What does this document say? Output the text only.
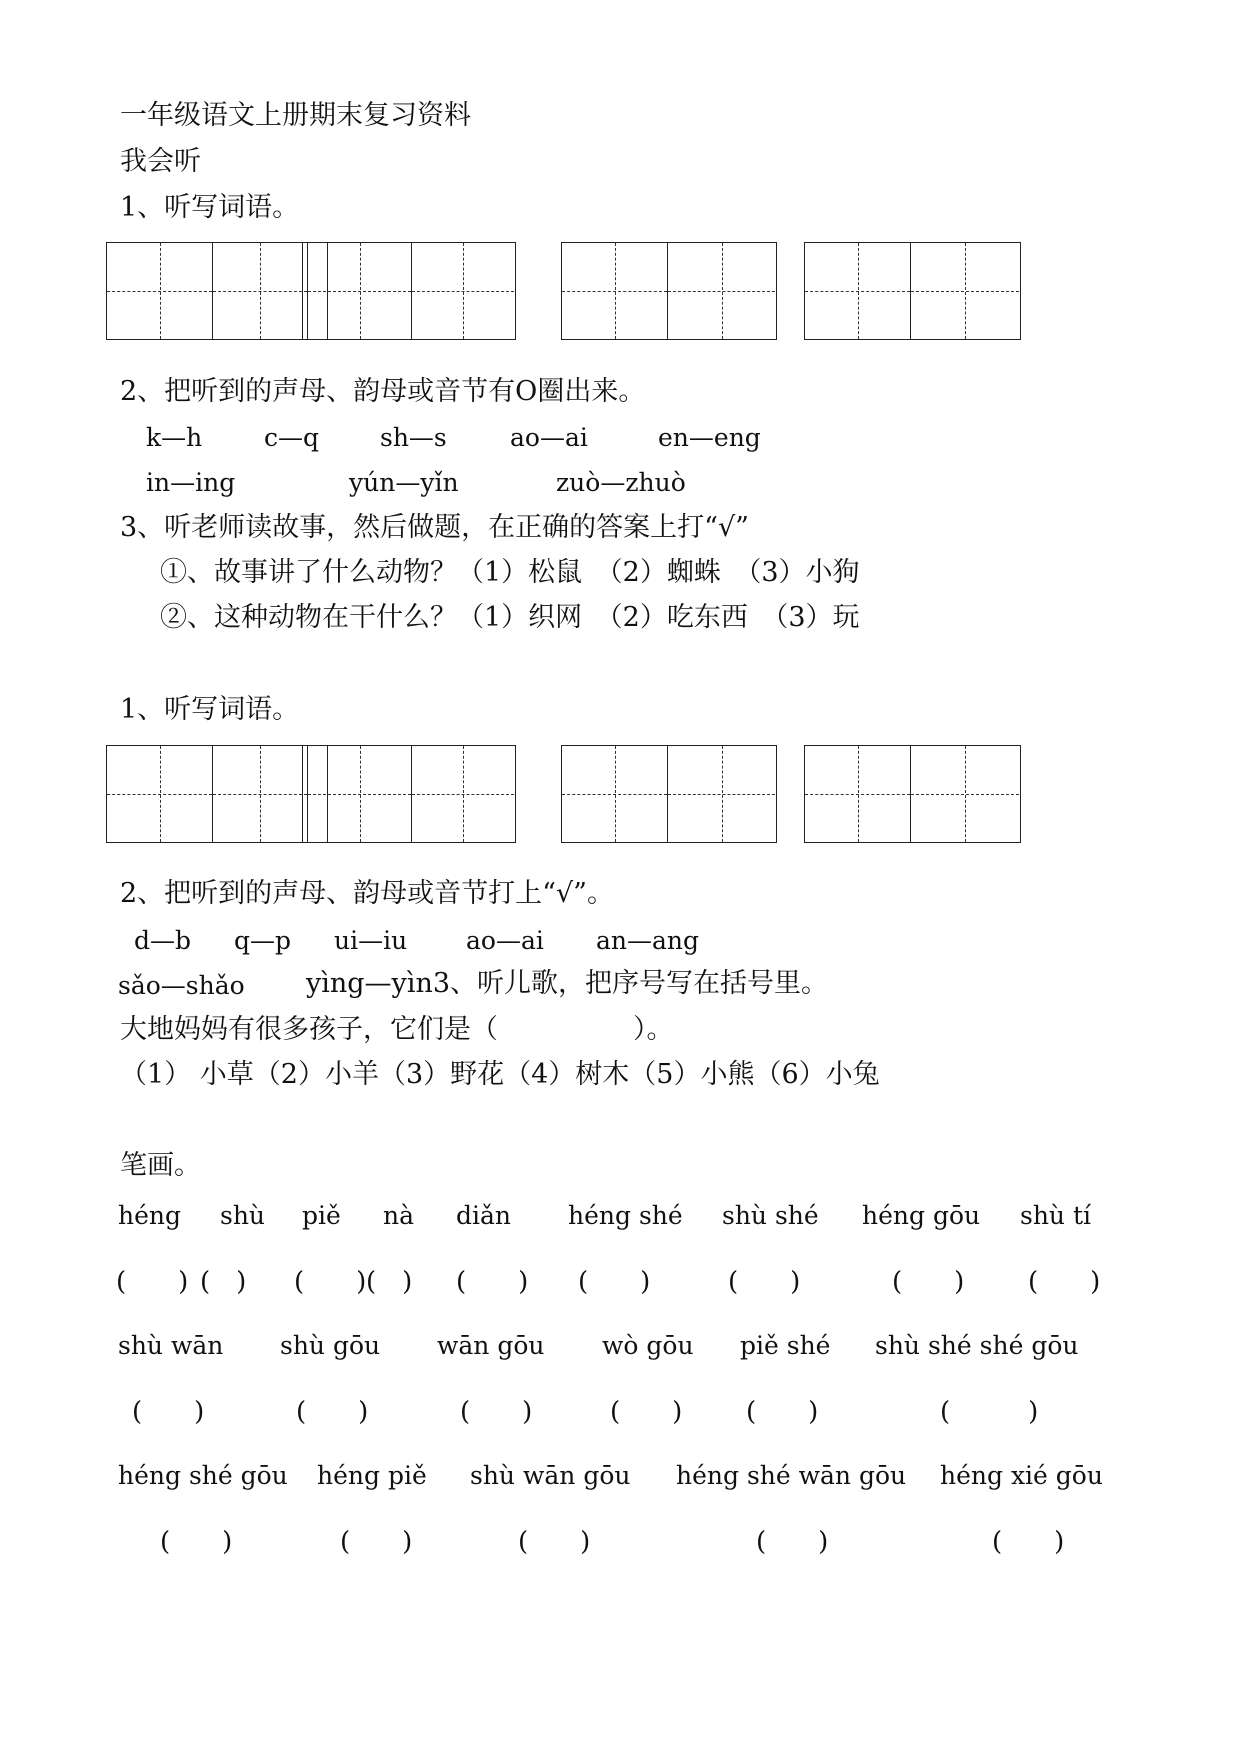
一年级语文上册期末复习资料
我会听
1、听写词语。
2、把听到的声母、韵母或音节有O圈出来。
k—h c—q sh—s	ao—ai	en—eng
in—ing	yún—yǐn	zuò—zhuò
3、听老师读故事，然后做题，在正确的答案上打“√”
①、故事讲了什么动物？（1）松鼠　（2）蜘蛛　（3）小狗
②、这种动物在干什么？（1）织网　（2）吃东西　（3）玩
1、听写词语。
2、把听到的声母、韵母或音节打上“√”。
d—b q—p ui—iu ao—ai an—ang
sǎo—shǎo yìng—yìn3、听儿歌，把序号写在括号里。
大地妈妈有很多孩子，它们是（　　　　　）。
（1） 小草（2）小羊（3）野花（4）树木（5）小熊（6）小兔
笔画。
héng shù piě nà diǎn héng shé shù shé héng gōu shù tí
(　　) (　) (　　) (　) (　　) (　　)	(　　)	(　　) (　　)
shù wān shù gōu wān gōu wò gōu piě shé shù shé shé gōu
(　　)	(　　)	(　　)	(　　) (　　)	(　　　)
héng shé gōu héng piě shù wān gōu héng shé wān gōu héng xié gōu
(　　)	(　　)	(　　)	(　　)	(　　)
